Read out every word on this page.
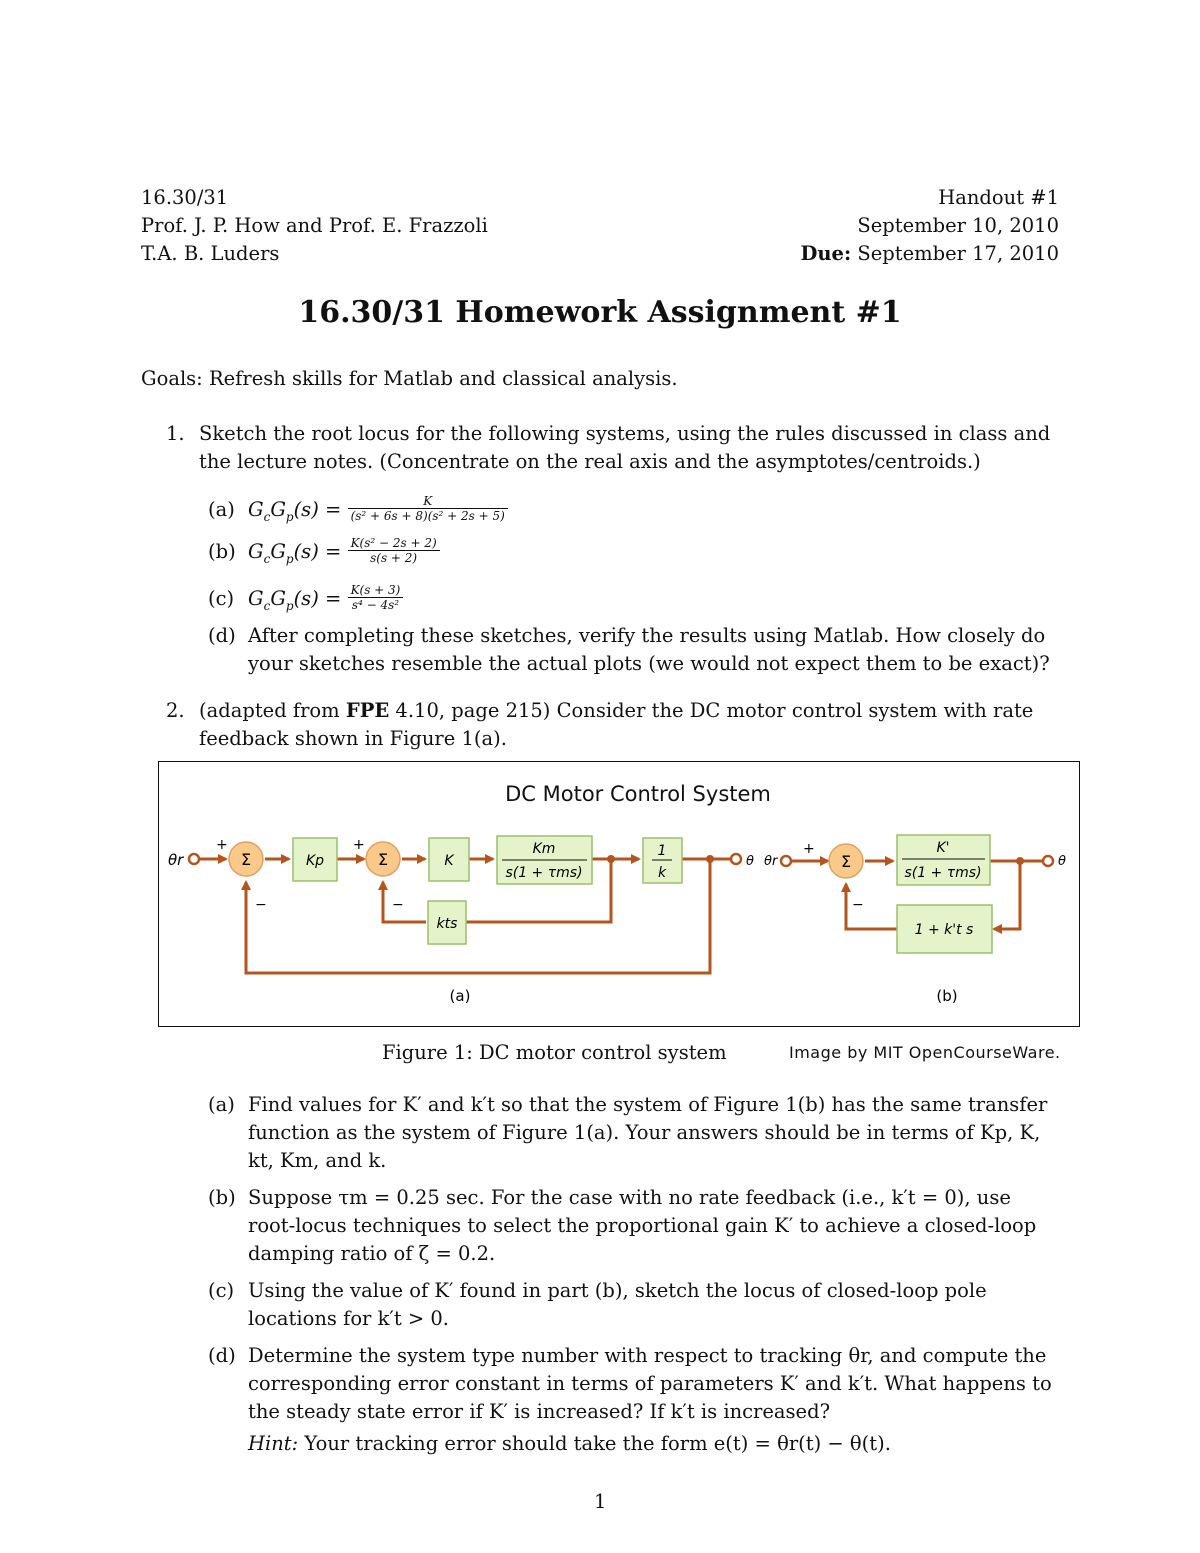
16.30/31
Prof. J. P. How and Prof. E. Frazzoli
T.A. B. Luders
Handout #1
September 10, 2010
Due: September 17, 2010
16.30/31 Homework Assignment #1
Goals: Refresh skills for Matlab and classical analysis.
1. Sketch the root locus for the following systems, using the rules discussed in class and
the lecture notes. (Concentrate on the real axis and the asymptotes/centroids.)
(a) $G_cG_p(s) = \frac{K}{\text{(s² + 6s + 8)(s² + 2s + 5)}}$
(b) $G_cG_p(s) = \frac{\text{K(s² − 2s + 2)}}{s(s + 2)}$
(c) $G_cG_p(s) = \frac{K(s + 3)}{\text{s⁴ − 4s²}}$
(d) After completing these sketches, verify the results using Matlab. How closely do
your sketches resemble the actual plots (we would not expect them to be exact)?
2. (adapted from FPE 4.10, page 215) Consider the DC motor control system with rate
feedback shown in Figure 1(a).
DC Motor Control System
θr	θ
Σ
+
−
Kp	Σ
+
−
K
Km
s(1 + τms)
1
k
kts
(a)
θr	θ
Σ
+
−
K'
s(1 + τms)
1 + k't s
(b)
Figure 1: DC motor control system	Image by MIT OpenCourseWare.
(a) Find values for K′ and k′t so that the system of Figure 1(b) has the same transfer
function as the system of Figure 1(a). Your answers should be in terms of Kp, K,
kt, Km, and k.
(b) Suppose τm = 0.25 sec. For the case with no rate feedback (i.e., k′t = 0), use
root-locus techniques to select the proportional gain K′ to achieve a closed-loop
damping ratio of ζ = 0.2.
(c) Using the value of K′ found in part (b), sketch the locus of closed-loop pole
locations for k′t > 0.
(d) Determine the system type number with respect to tracking θr, and compute the
corresponding error constant in terms of parameters K′ and k′t. What happens to
the steady state error if K′ is increased? If k′t is increased?
Hint: Your tracking error should take the form e(t) = θr(t) − θ(t).
1
